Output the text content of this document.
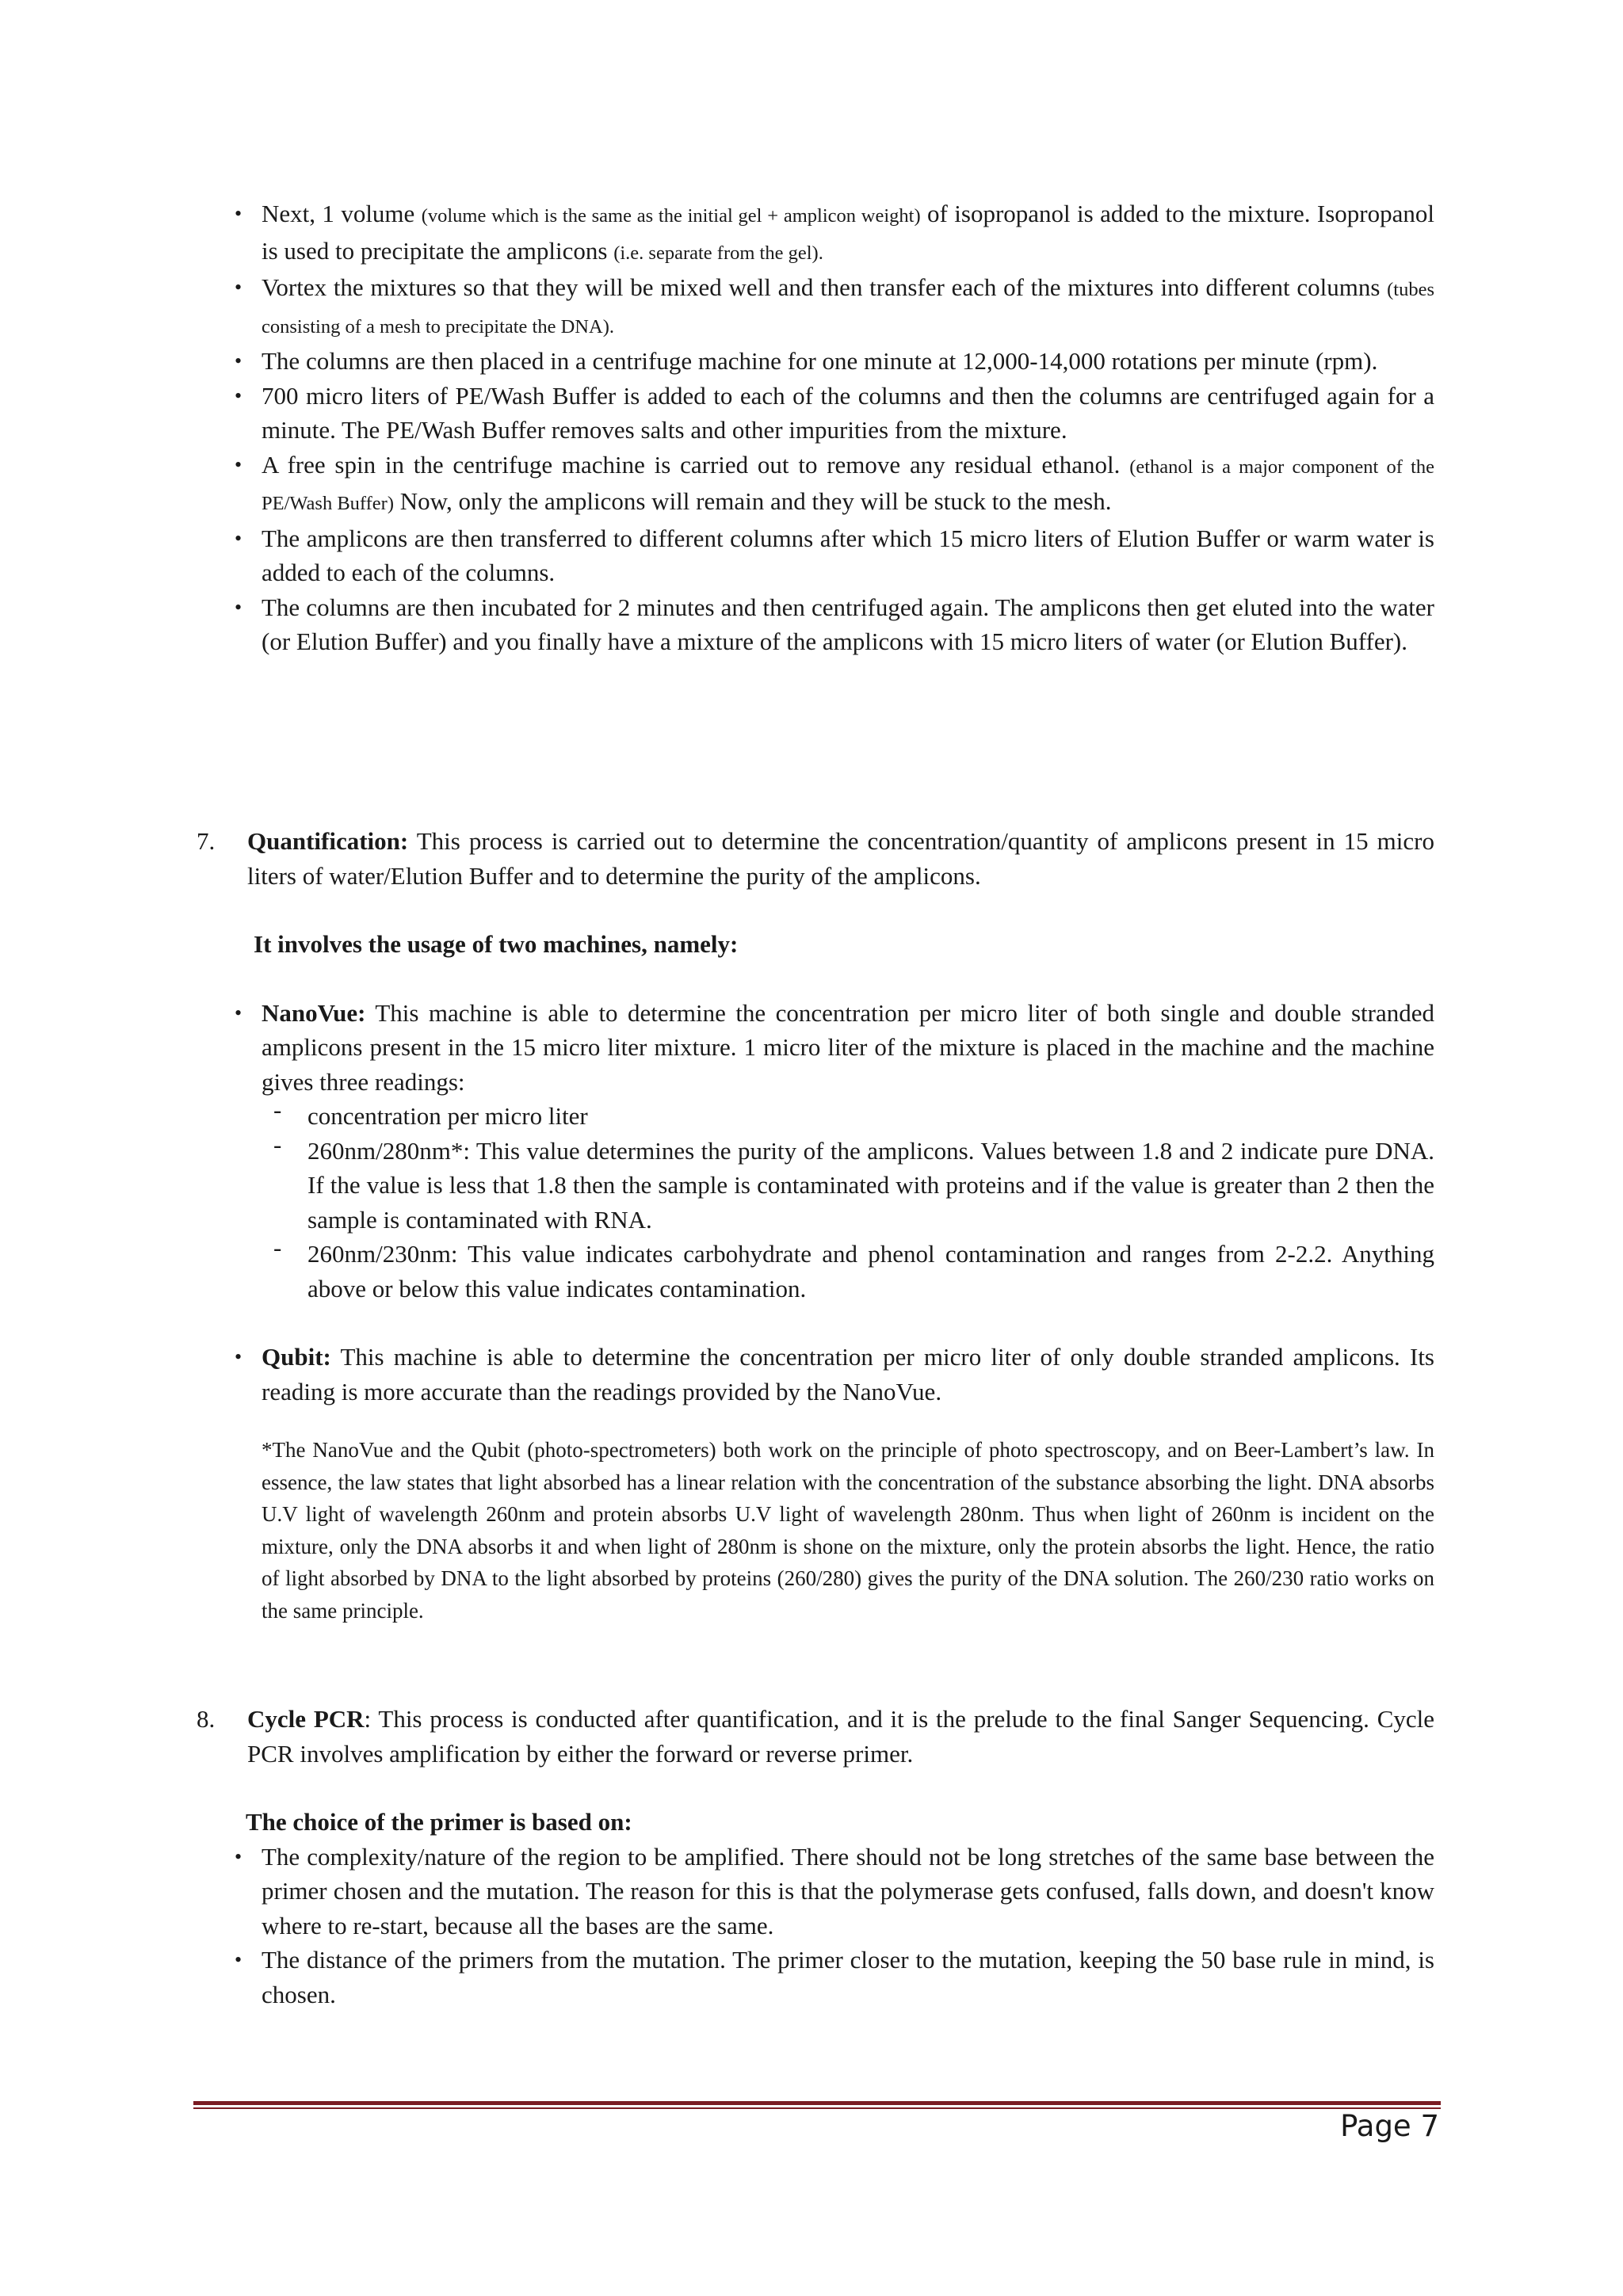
• Next, 1 volume (volume which is the same as the initial gel + amplicon weight) of isopropanol is added to the mixture. Isopropanol is used to precipitate the amplicons (i.e. separate from the gel).
• Vortex the mixtures so that they will be mixed well and then transfer each of the mixtures into different columns (tubes consisting of a mesh to precipitate the DNA).
• The columns are then placed in a centrifuge machine for one minute at 12,000-14,000 rotations per minute (rpm).
• 700 micro liters of PE/Wash Buffer is added to each of the columns and then the columns are centrifuged again for a minute. The PE/Wash Buffer removes salts and other impurities from the mixture.
• A free spin in the centrifuge machine is carried out to remove any residual ethanol. (ethanol is a major component of the PE/Wash Buffer) Now, only the amplicons will remain and they will be stuck to the mesh.
• The amplicons are then transferred to different columns after which 15 micro liters of Elution Buffer or warm water is added to each of the columns.
• The columns are then incubated for 2 minutes and then centrifuged again. The amplicons then get eluted into the water (or Elution Buffer) and you finally have a mixture of the amplicons with 15 micro liters of water (or Elution Buffer).
7. Quantification: This process is carried out to determine the concentration/quantity of amplicons present in 15 micro liters of water/Elution Buffer and to determine the purity of the amplicons.
It involves the usage of two machines, namely:
• NanoVue: This machine is able to determine the concentration per micro liter of both single and double stranded amplicons present in the 15 micro liter mixture. 1 micro liter of the mixture is placed in the machine and the machine gives three readings:
- concentration per micro liter
- 260nm/280nm*: This value determines the purity of the amplicons. Values between 1.8 and 2 indicate pure DNA. If the value is less that 1.8 then the sample is contaminated with proteins and if the value is greater than 2 then the sample is contaminated with RNA.
- 260nm/230nm: This value indicates carbohydrate and phenol contamination and ranges from 2-2.2. Anything above or below this value indicates contamination.
• Qubit: This machine is able to determine the concentration per micro liter of only double stranded amplicons. Its reading is more accurate than the readings provided by the NanoVue.
*The NanoVue and the Qubit (photo-spectrometers) both work on the principle of photo spectroscopy, and on Beer-Lambert’s law. In essence, the law states that light absorbed has a linear relation with the concentration of the substance absorbing the light. DNA absorbs U.V light of wavelength 260nm and protein absorbs U.V light of wavelength 280nm. Thus when light of 260nm is incident on the mixture, only the DNA absorbs it and when light of 280nm is shone on the mixture, only the protein absorbs the light. Hence, the ratio of light absorbed by DNA to the light absorbed by proteins (260/280) gives the purity of the DNA solution. The 260/230 ratio works on the same principle.
8. Cycle PCR: This process is conducted after quantification, and it is the prelude to the final Sanger Sequencing. Cycle PCR involves amplification by either the forward or reverse primer.
The choice of the primer is based on:
• The complexity/nature of the region to be amplified. There should not be long stretches of the same base between the primer chosen and the mutation. The reason for this is that the polymerase gets confused, falls down, and doesn't know where to re-start, because all the bases are the same.
• The distance of the primers from the mutation. The primer closer to the mutation, keeping the 50 base rule in mind, is chosen.
Page 7
